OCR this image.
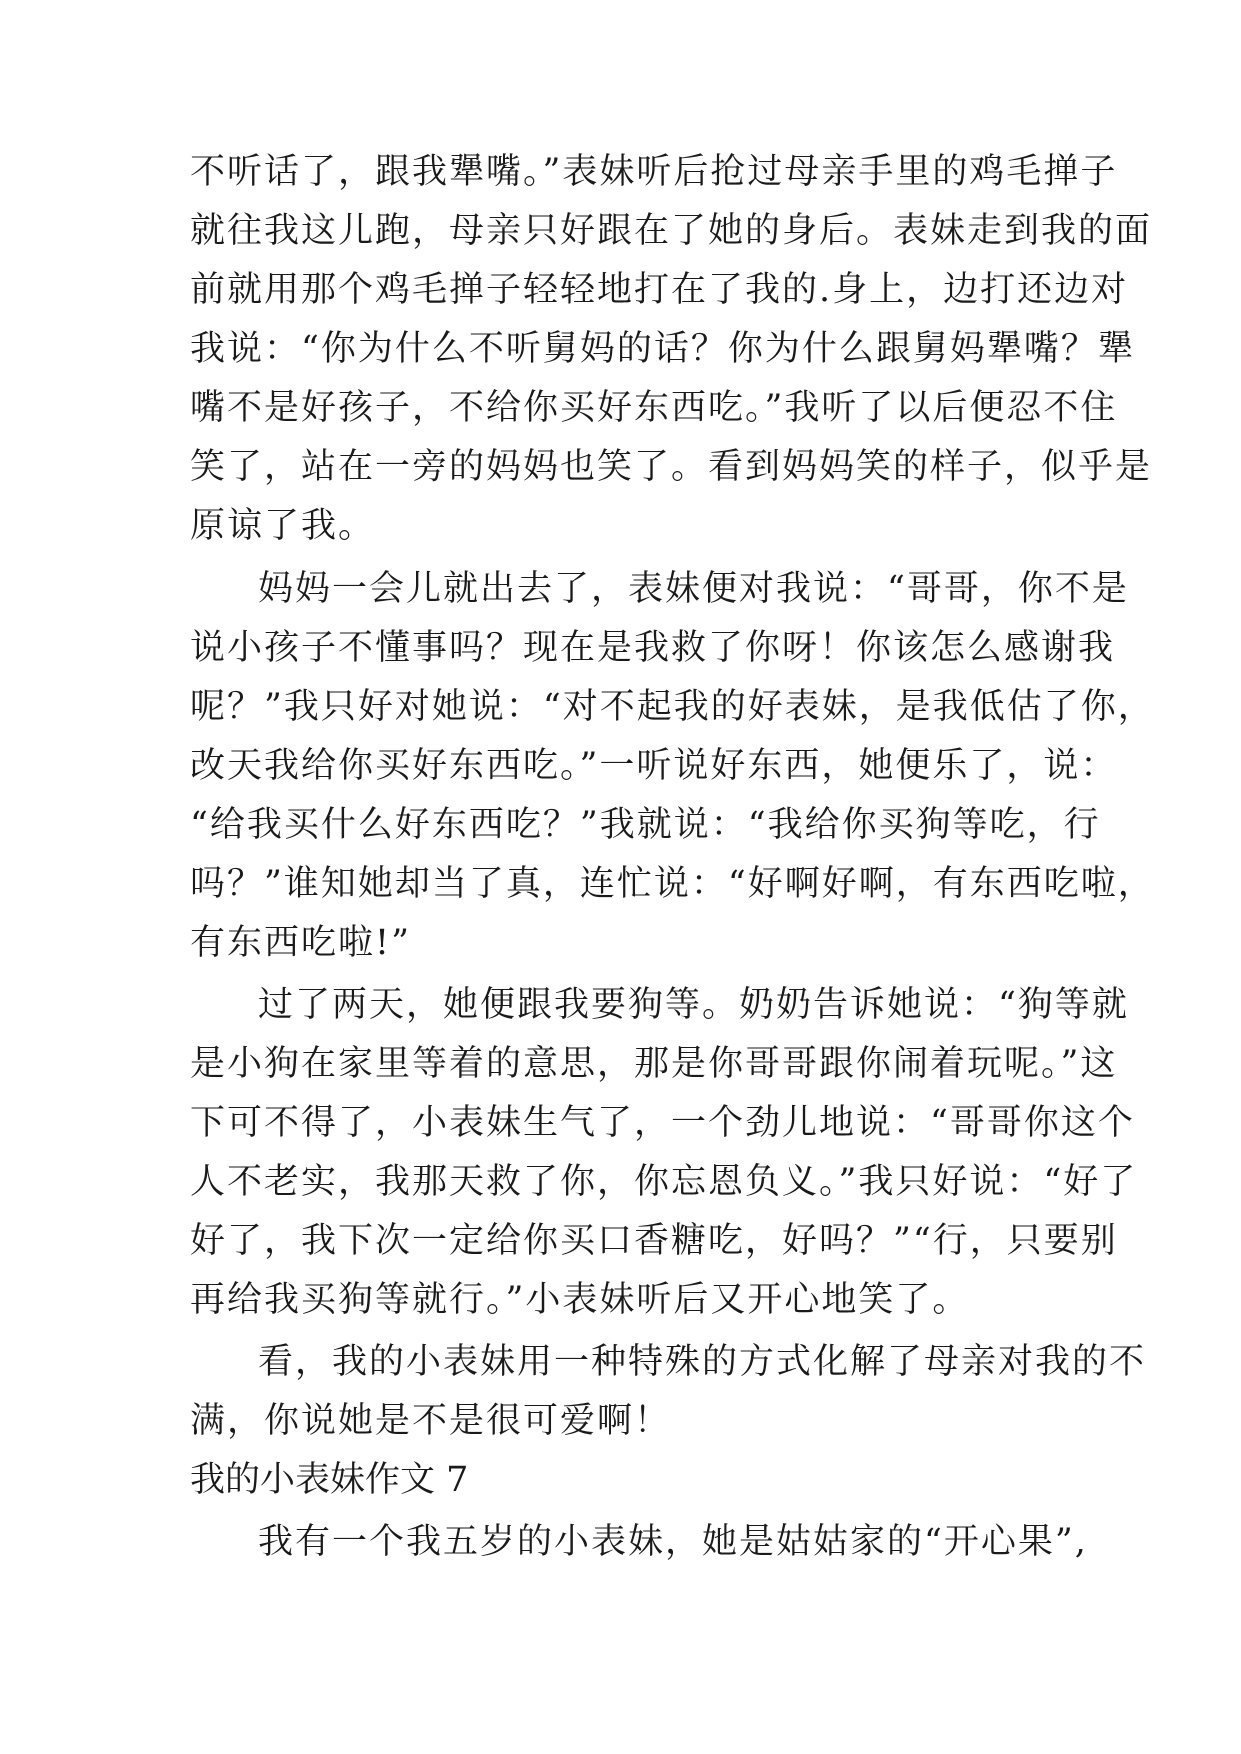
不听话了，跟我犟嘴。”表妹听后抢过母亲手里的鸡毛掸子
就往我这儿跑，母亲只好跟在了她的身后。表妹走到我的面
前就用那个鸡毛掸子轻轻地打在了我的.身上，边打还边对
我说：“你为什么不听舅妈的话？你为什么跟舅妈犟嘴？犟
嘴不是好孩子，不给你买好东西吃。”我听了以后便忍不住
笑了，站在一旁的妈妈也笑了。看到妈妈笑的样子，似乎是
原谅了我。
妈妈一会儿就出去了，表妹便对我说：“哥哥，你不是
说小孩子不懂事吗？现在是我救了你呀！你该怎么感谢我
呢？”我只好对她说：“对不起我的好表妹，是我低估了你，
改天我给你买好东西吃。”一听说好东西，她便乐了，说：
“给我买什么好东西吃？”我就说：“我给你买狗等吃，行
吗？”谁知她却当了真，连忙说：“好啊好啊，有东西吃啦，
有东西吃啦!”
过了两天，她便跟我要狗等。奶奶告诉她说：“狗等就
是小狗在家里等着的意思，那是你哥哥跟你闹着玩呢。”这
下可不得了，小表妹生气了，一个劲儿地说：“哥哥你这个
人不老实，我那天救了你，你忘恩负义。”我只好说：“好了
好了，我下次一定给你买口香糖吃，好吗？”“行，只要别
再给我买狗等就行。”小表妹听后又开心地笑了。
看，我的小表妹用一种特殊的方式化解了母亲对我的不
满，你说她是不是很可爱啊！
我的小表妹作文 7
我有一个我五岁的小表妹，她是姑姑家的“开心果”,
